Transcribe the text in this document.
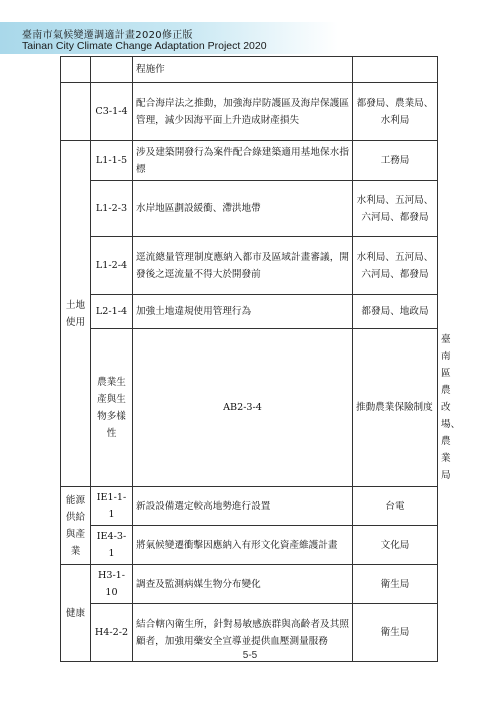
臺南市氣候變遷調適計畫2020修正版
Tainan City Climate Change Adaptation Project 2020
		程施作		
	C3-1-4	配合海岸法之推動，加強海岸防護區及海岸保護區管理，減少因海平面上升造成財產損失	都發局、農業局、水利局	
土地使用	L1-1-5	涉及建築開發行為案件配合綠建築適用基地保水指標	工務局	
	L1-2-3	水岸地區劃設緩衝、滯洪地帶	水利局、五河局、六河局、都發局	
	L1-2-4	逕流總量管理制度應納入都市及區域計畫審議，開發後之逕流量不得大於開發前	水利局、五河局、六河局、都發局	
	L2-1-4	加強土地違規使用管理行為	都發局、地政局	
	農業生產與生物多樣性	AB2-3-4	推動農業保險制度	臺南區農改場、農業局
能源供給與產業	IE1-1-1	新設設備選定較高地勢進行設置	台電	
	IE4-3-1	將氣候變遷衝擊因應納入有形文化資產維護計畫	文化局	
健康	H3-1-10	調查及監測病媒生物分布變化	衛生局	
	H4-2-2	結合轄內衛生所，針對易敏感族群與高齡者及其照顧者，加強用藥安全宣導並提供血壓測量服務	衛生局	
5-5
